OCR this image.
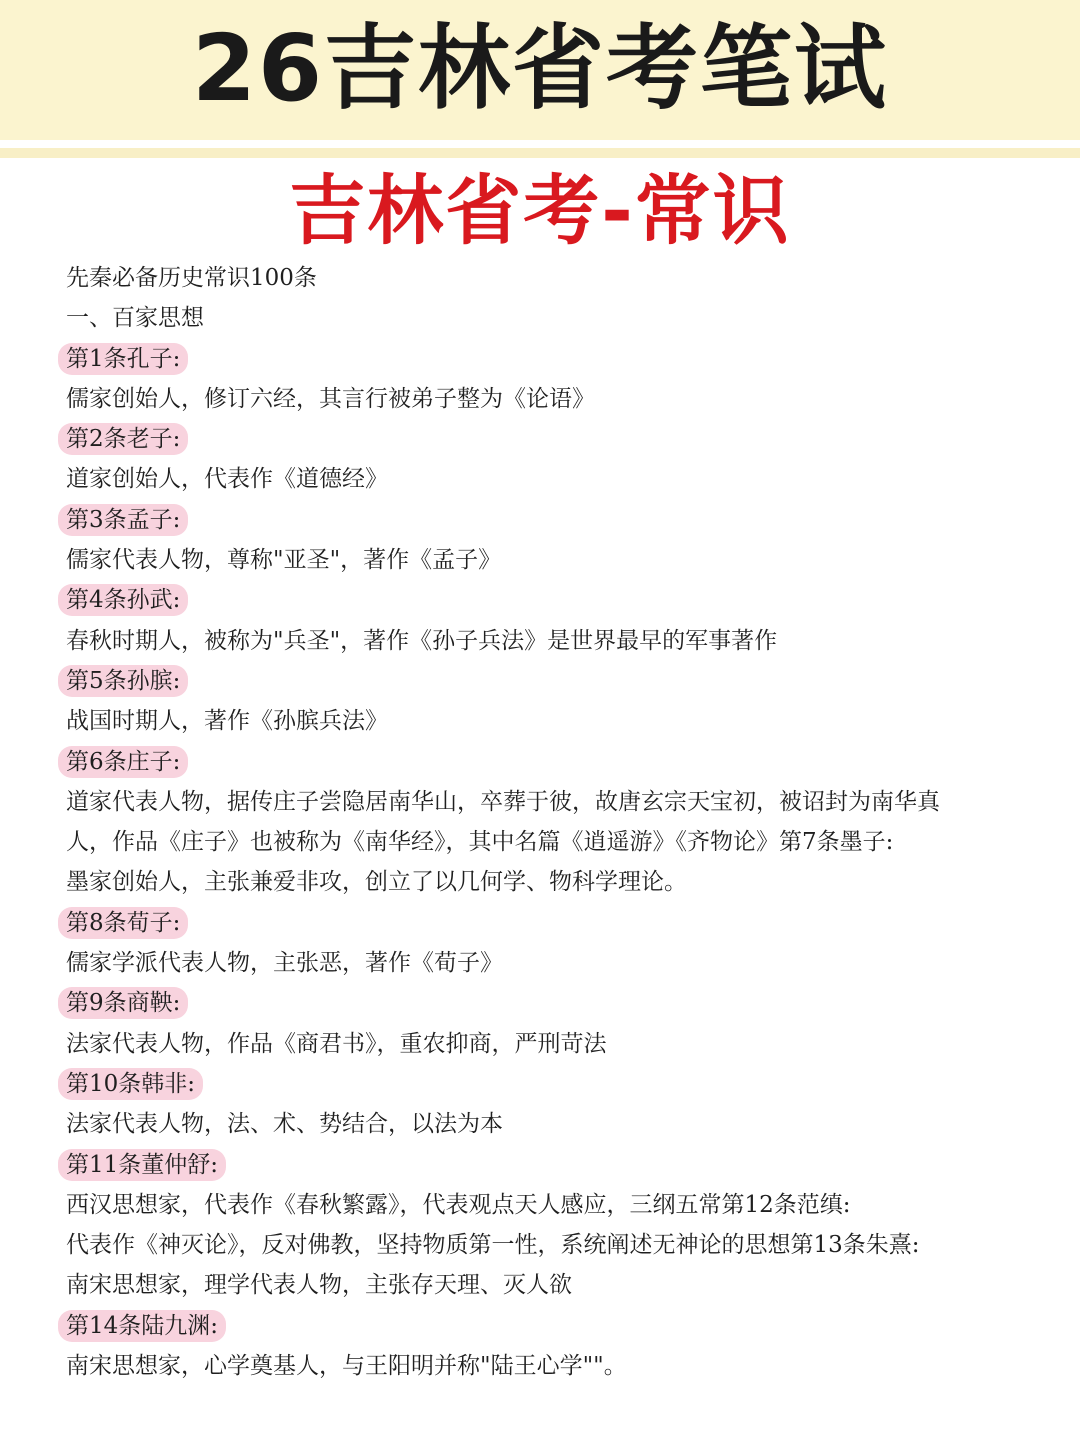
26吉林省考笔试
吉林省考-常识
先秦必备历史常识100条
一、百家思想
第1条孔子:
儒家创始人，修订六经，其言行被弟子整为《论语》
第2条老子:
道家创始人，代表作《道德经》
第3条孟子:
儒家代表人物，尊称"亚圣"，著作《孟子》
第4条孙武:
春秋时期人，被称为"兵圣"，著作《孙子兵法》是世界最早的军事著作
第5条孙膑:
战国时期人，著作《孙膑兵法》
第6条庄子:
道家代表人物，据传庄子尝隐居南华山，卒葬于彼，故唐玄宗天宝初，被诏封为南华真
人，作品《庄子》也被称为《南华经》，其中名篇《逍遥游》《齐物论》第7条墨子:
墨家创始人，主张兼爱非攻，创立了以几何学、物科学理论。
第8条荀子:
儒家学派代表人物，主张恶，著作《荀子》
第9条商鞅:
法家代表人物，作品《商君书》，重农抑商，严刑苛法
第10条韩非:
法家代表人物，法、术、势结合，以法为本
第11条董仲舒:
西汉思想家，代表作《春秋繁露》，代表观点天人感应，三纲五常第12条范缜:
代表作《神灭论》，反对佛教，坚持物质第一性，系统阐述无神论的思想第13条朱熹:
南宋思想家，理学代表人物，主张存天理、灭人欲
第14条陆九渊:
南宋思想家，心学奠基人，与王阳明并称"陆王心学""。
